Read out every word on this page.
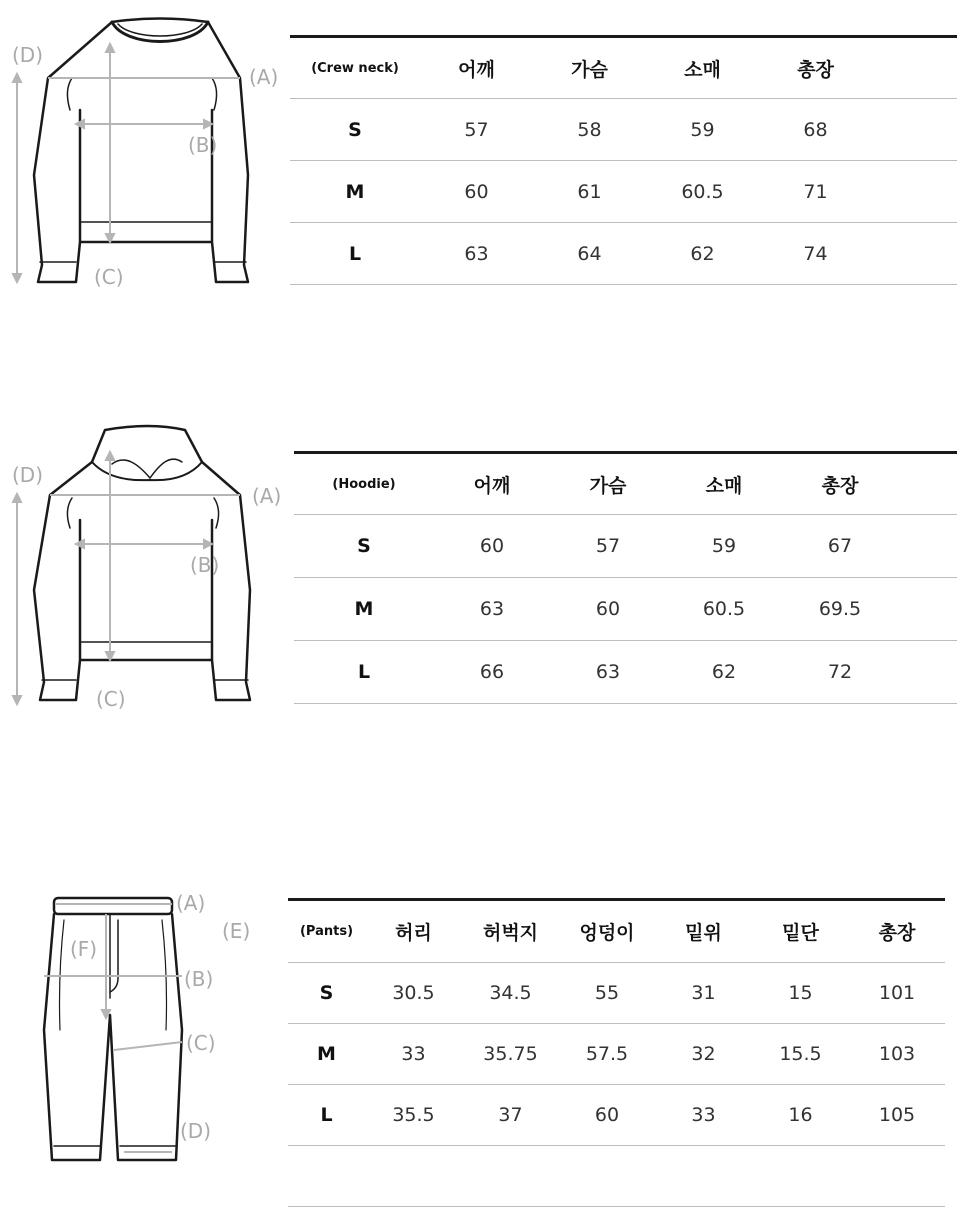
(D)
(A)
(B)
(C)
(Crew neck)	어깨	가슴	소매	총장	
S	57	58	59	68	
M	60	61	60.5	71	
L	63	64	62	74	
(D)
(A)
(B)
(C)
(Hoodie)	어깨	가슴	소매	총장	
S	60	57	59	67	
M	63	60	60.5	69.5	
L	66	63	62	72	
(A)
(E)
(F)
(B)
(C)
(D)
(Pants)	허리	허벅지	엉덩이	밑위	밑단	총장
S	30.5	34.5	55	31	15	101
M	33	35.75	57.5	32	15.5	103
L	35.5	37	60	33	16	105
